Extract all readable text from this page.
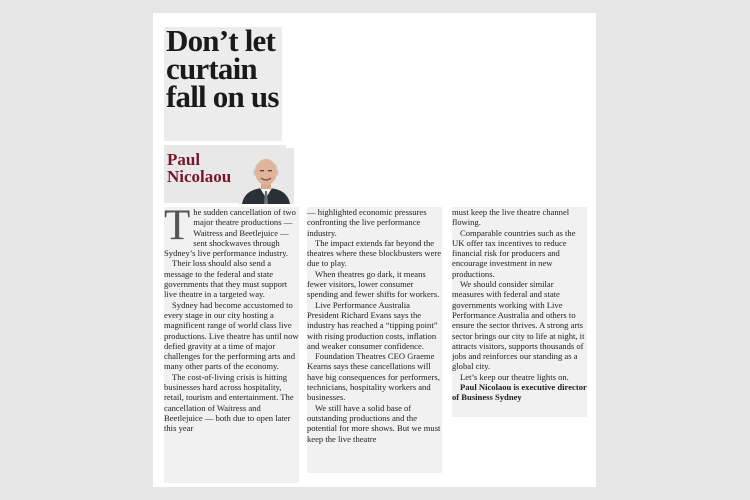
Don’t let
curtain
fall on us
Paul
Nicolaou
T he sudden cancellation of two major theatre productions — Waitress and Beetlejuice — sent shockwaves through Sydney’s live performance industry.

Their loss should also send a message to the federal and state governments that they must support live theatre in a targeted way.

Sydney had become accustomed to every stage in our city hosting a magnificent range of world class live productions. Live theatre has until now defied gravity at a time of major challenges for the performing arts and many other parts of the economy.

The cost-of-living crisis is hitting businesses hard across hospitality, retail, tourism and entertainment. The cancellation of Waitress and Beetlejuice — both due to open later this year

— highlighted economic pressures confronting the live performance industry.

The impact extends far beyond the theatres where these blockbusters were due to play.

When theatres go dark, it means fewer visitors, lower consumer spending and fewer shifts for workers.

Live Performance Australia President Richard Evans says the industry has reached a “tipping point” with rising production costs, inflation and weaker consumer confidence.

Foundation Theatres CEO Graeme Kearns says these cancellations will have big consequences for performers, technicians, hospitality workers and businesses.

We still have a solid base of outstanding productions and the potential for more shows. But we must keep the live theatre

must keep the live theatre channel flowing.

Comparable countries such as the UK offer tax incentives to reduce financial risk for producers and encourage investment in new productions.

We should consider similar measures with federal and state governments working with Live Performance Australia and others to ensure the sector thrives. A strong arts sector brings our city to life at night, it attracts visitors, supports thousands of jobs and reinforces our standing as a global city.

Let’s keep our theatre lights on.

Paul Nicolaou is executive director of Business Sydney
